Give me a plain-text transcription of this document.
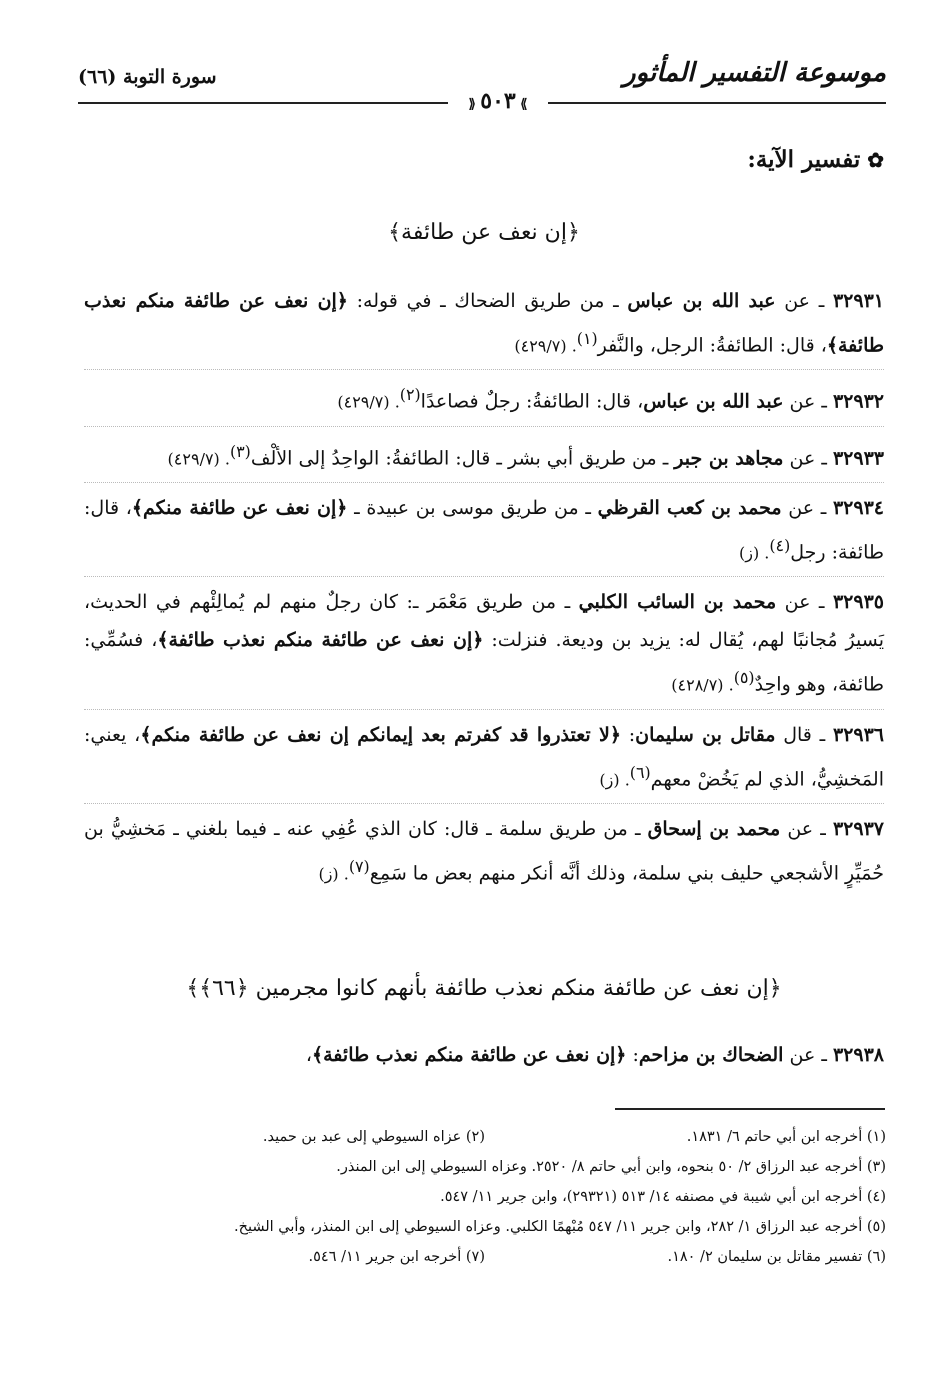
موسوعة التفسير المأثور
⟫ ٥٠٣ ⟪
سورة التوبة (٦٦)
✿ تفسير الآية:
﴿إن نعف عن طائفة﴾
٣٢٩٣١ ـ عن عبد الله بن عباس ـ من طريق الضحاك ـ في قوله: ﴿إن نعف عن طائفة منكم نعذب طائفة﴾، قال: الطائفةُ: الرجل، والنَّفر$^{(١)}$. (٤٢٩/٧)
٣٢٩٣٢ ـ عن عبد الله بن عباس، قال: الطائفةُ: رجلٌ فصاعدًا$^{(٢)}$. (٤٢٩/٧)
٣٢٩٣٣ ـ عن مجاهد بن جبر ـ من طريق أبي بشر ـ قال: الطائفةُ: الواحِدُ إلى الألْف$^{(٣)}$. (٤٢٩/٧)
٣٢٩٣٤ ـ عن محمد بن كعب القرظي ـ من طريق موسى بن عبيدة ـ ﴿إن نعف عن طائفة منكم﴾، قال: طائفة: رجل$^{(٤)}$. (ز)
٣٢٩٣٥ ـ عن محمد بن السائب الكلبي ـ من طريق مَعْمَر ـ: كان رجلٌ منهم لم يُمالِئْهم في الحديث، يَسيرُ مُجانبًا لهم، يُقال له: يزيد بن وديعة. فنزلت: ﴿إن نعف عن طائفة منكم نعذب طائفة﴾، فسُمِّي: طائفة، وهو واحِدٌ$^{(٥)}$. (٤٢٨/٧)
٣٢٩٣٦ ـ قال مقاتل بن سليمان: ﴿لا تعتذروا قد كفرتم بعد إيمانكم إن نعف عن طائفة منكم﴾، يعني: المَخشِيُّ، الذي لم يَخُضْ معهم$^{(٦)}$. (ز)
٣٢٩٣٧ ـ عن محمد بن إسحاق ـ من طريق سلمة ـ قال: كان الذي عُفِي عنه ـ فيما بلغني ـ مَخشِيُّ بن حُمَيِّرٍ الأشجعي حليف بني سلمة، وذلك أنَّه أنكر منهم بعض ما سَمِع$^{(٧)}$. (ز)
﴿إن نعف عن طائفة منكم نعذب طائفة بأنهم كانوا مجرمين ﴿٦٦﴾﴾
٣٢٩٣٨ ـ عن الضحاك بن مزاحم: ﴿إن نعف عن طائفة منكم نعذب طائفة﴾،
(١) أخرجه ابن أبي حاتم ٦/ ١٨٣١.
(٢) عزاه السيوطي إلى عبد بن حميد.
(٣) أخرجه عبد الرزاق ٢/ ٥٠ بنحوه، وابن أبي حاتم ٨/ ٢٥٢٠. وعزاه السيوطي إلى ابن المنذر.
(٤) أخرجه ابن أبي شيبة في مصنفه ١٤/ ٥١٣ (٢٩٣٢١)، وابن جرير ١١/ ٥٤٧.
(٥) أخرجه عبد الرزاق ١/ ٢٨٢، وابن جرير ١١/ ٥٤٧ مُبْهمًا الكلبي. وعزاه السيوطي إلى ابن المنذر، وأبي الشيخ.
(٦) تفسير مقاتل بن سليمان ٢/ ١٨٠.
(٧) أخرجه ابن جرير ١١/ ٥٤٦.
